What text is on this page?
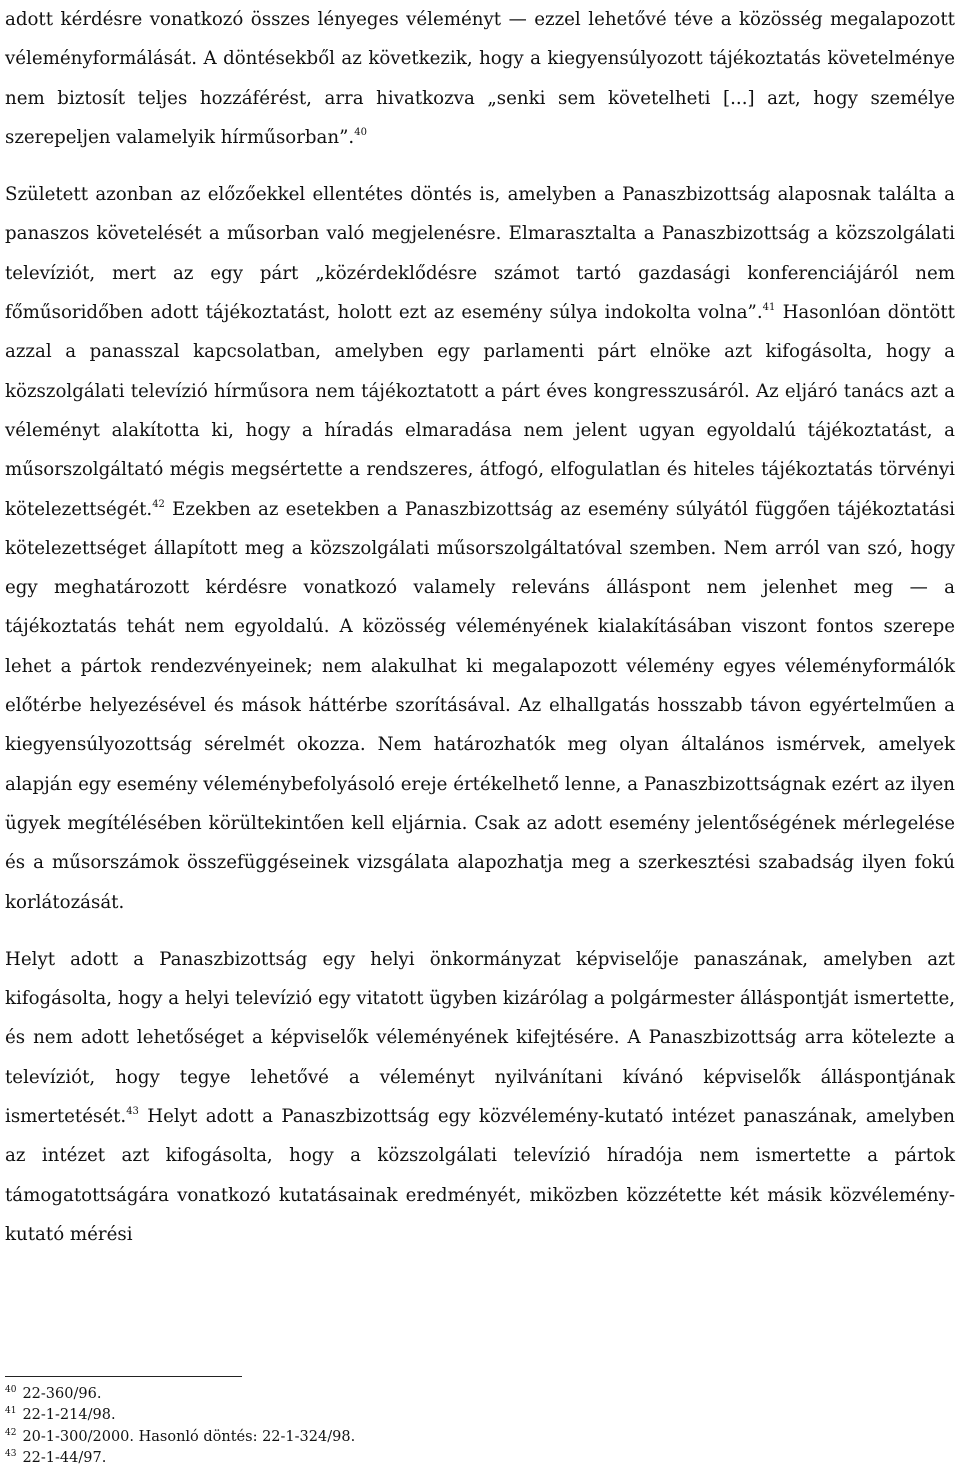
adott kérdésre vonatkozó összes lényeges véleményt — ezzel lehetővé téve a közösség megalapozott véleményformálását. A döntésekből az következik, hogy a kiegyensúlyozott tájékoztatás követelménye nem biztosít teljes hozzáférést, arra hivatkozva „senki sem követelheti [...] azt, hogy személye szerepeljen valamelyik hírműsorban”.$^{40}$

Született azonban az előzőekkel ellentétes döntés is, amelyben a Panaszbizottság alaposnak találta a panaszos követelését a műsorban való megjelenésre. Elmarasztalta a Panaszbizottság a közszolgálati televíziót, mert az egy párt „közérdeklődésre számot tartó gazdasági konferenciájáról nem főműsoridőben adott tájékoztatást, holott ezt az esemény súlya indokolta volna”.$^{41}$ Hasonlóan döntött azzal a panasszal kapcsolatban, amelyben egy parlamenti párt elnöke azt kifogásolta, hogy a közszolgálati televízió hírműsora nem tájékoztatott a párt éves kongresszusáról. Az eljáró tanács azt a véleményt alakította ki, hogy a híradás elmaradása nem jelent ugyan egyoldalú tájékoztatást, a műsorszolgáltató mégis megsértette a rendszeres, átfogó, elfogulatlan és hiteles tájékoztatás törvényi kötelezettségét.$^{42}$ Ezekben az esetekben a Panaszbizottság az esemény súlyától függően tájékoztatási kötelezettséget állapított meg a közszolgálati műsorszolgáltatóval szemben. Nem arról van szó, hogy egy meghatározott kérdésre vonatkozó valamely releváns álláspont nem jelenhet meg — a tájékoztatás tehát nem egyoldalú. A közösség véleményének kialakításában viszont fontos szerepe lehet a pártok rendezvényeinek; nem alakulhat ki megalapozott vélemény egyes véleményformálók előtérbe helyezésével és mások háttérbe szorításával. Az elhallgatás hosszabb távon egyértelműen a kiegyensúlyozottság sérelmét okozza. Nem határozhatók meg olyan általános ismérvek, amelyek alapján egy esemény véleménybefolyásoló ereje értékelhető lenne, a Panaszbizottságnak ezért az ilyen ügyek megítélésében körültekintően kell eljárnia. Csak az adott esemény jelentőségének mérlegelése és a műsorszámok összefüggéseinek vizsgálata alapozhatja meg a szerkesztési szabadság ilyen fokú korlátozását.

Helyt adott a Panaszbizottság egy helyi önkormányzat képviselője panaszának, amelyben azt kifogásolta, hogy a helyi televízió egy vitatott ügyben kizárólag a polgármester álláspontját ismertette, és nem adott lehetőséget a képviselők véleményének kifejtésére. A Panaszbizottság arra kötelezte a televíziót, hogy tegye lehetővé a véleményt nyilvánítani kívánó képviselők álláspontjának ismertetését.$^{43}$ Helyt adott a Panaszbizottság egy közvélemény-kutató intézet panaszának, amelyben az intézet azt kifogásolta, hogy a közszolgálati televízió híradója nem ismertette a pártok támogatottságára vonatkozó kutatásainak eredményét, miközben közzétette két másik közvélemény-kutató mérési

$^{40}$ 22-360/96.
$^{41}$ 22-1-214/98.
$^{42}$ 20-1-300/2000. Hasonló döntés: 22-1-324/98.
$^{43}$ 22-1-44/97.
